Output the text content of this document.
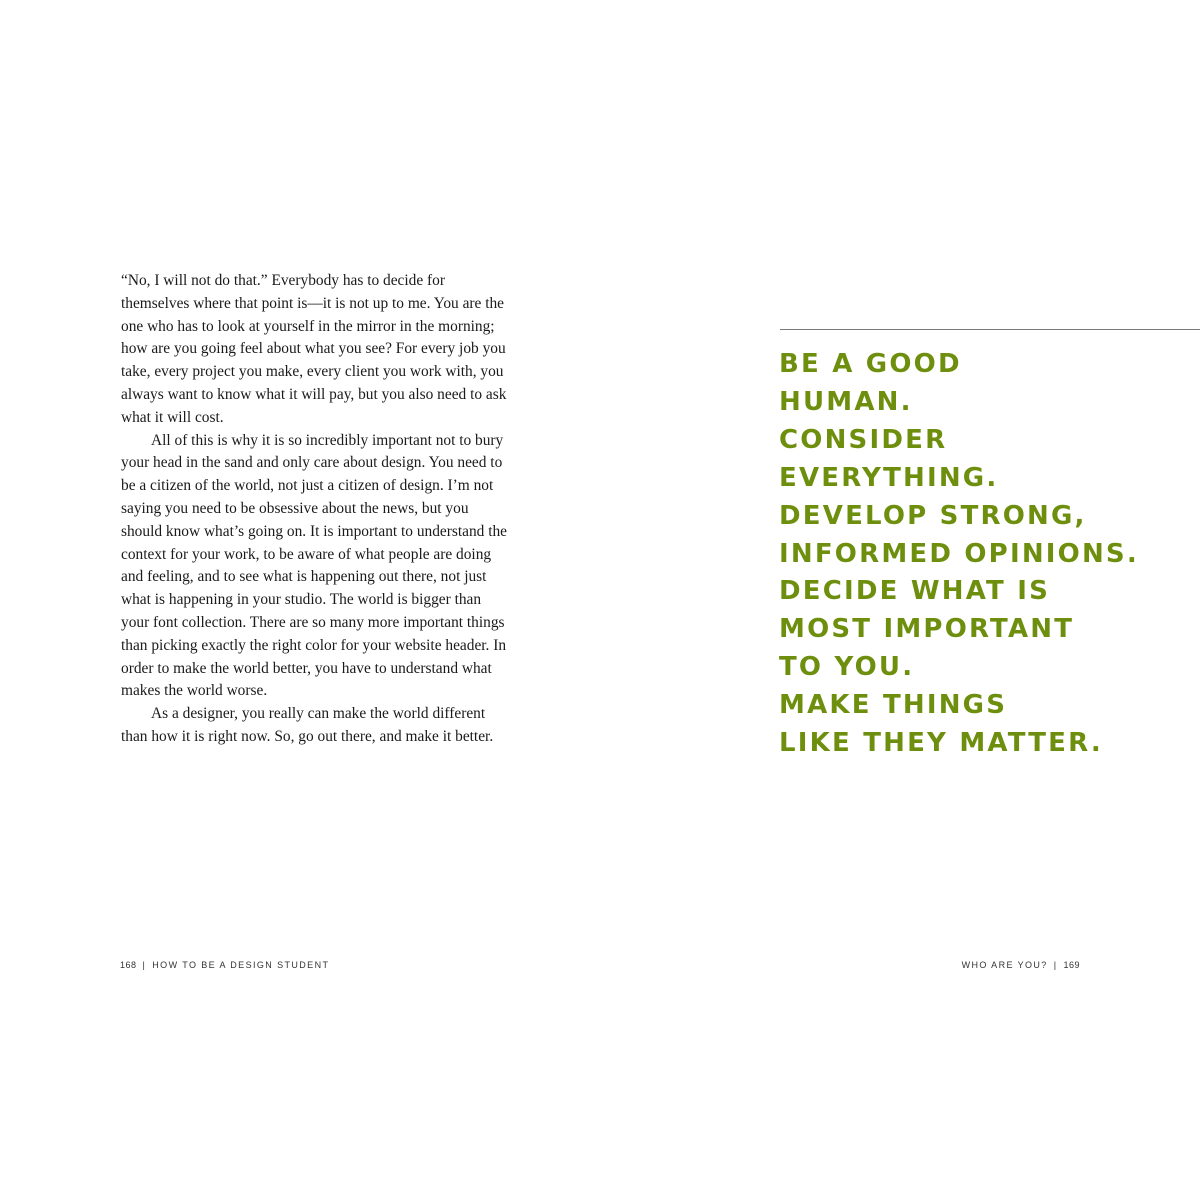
“No, I will not do that.” Everybody has to decide for themselves where that point is—it is not up to me. You are the one who has to look at yourself in the mirror in the morning; how are you going feel about what you see? For every job you take, every project you make, every client you work with, you always want to know what it will pay, but you also need to ask what it will cost.

All of this is why it is so incredibly important not to bury your head in the sand and only care about design. You need to be a citizen of the world, not just a citizen of design. I’m not saying you need to be obsessive about the news, but you should know what’s going on. It is important to understand the context for your work, to be aware of what people are doing and feeling, and to see what is happening out there, not just what is happening in your studio. The world is bigger than your font collection. There are so many more important things than picking exactly the right color for your website header. In order to make the world better, you have to understand what makes the world worse.

As a designer, you really can make the world different than how it is right now. So, go out there, and make it better.

BE A GOOD
HUMAN.
CONSIDER
EVERYTHING.
DEVELOP STRONG,
INFORMED OPINIONS.
DECIDE WHAT IS
MOST IMPORTANT
TO YOU.
MAKE THINGS
LIKE THEY MATTER.
168 | HOW TO BE A DESIGN STUDENT	WHO ARE YOU? | 169
